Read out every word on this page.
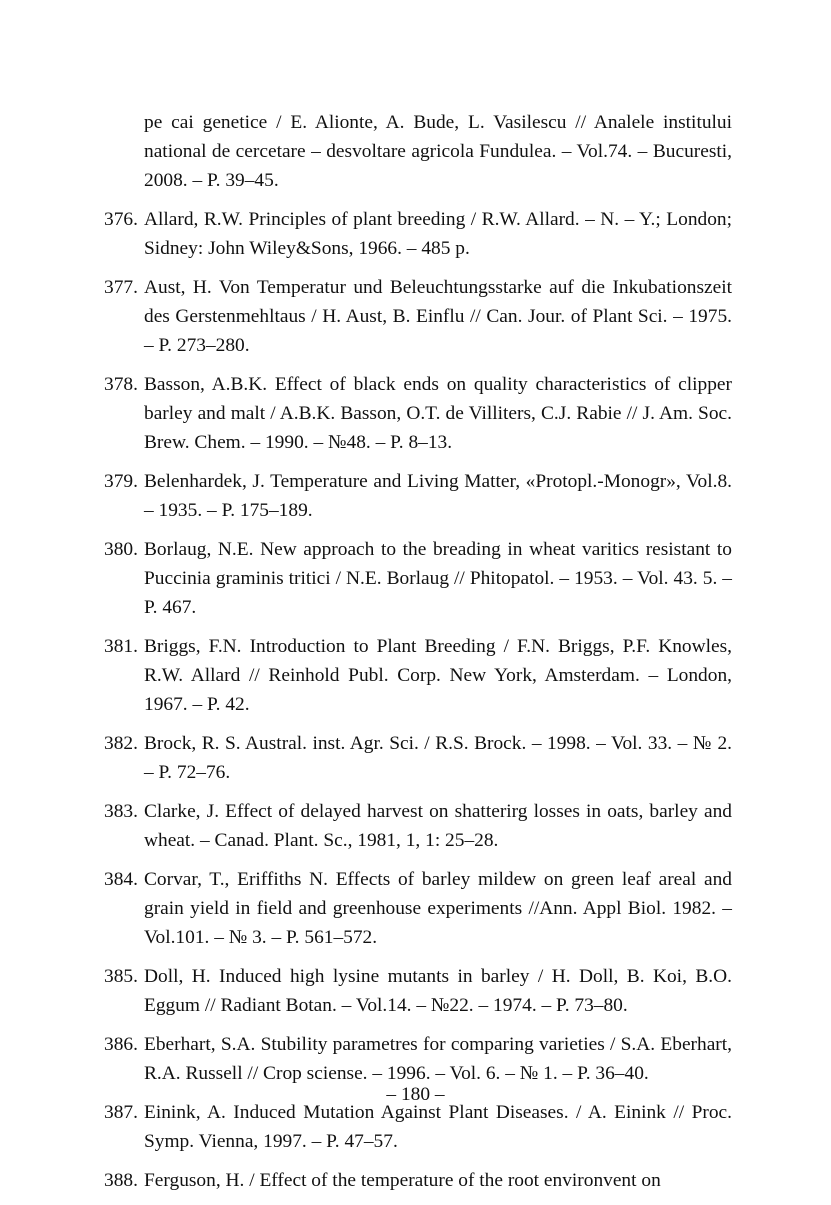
pe cai genetice / E. Alionte, A. Bude, L. Vasilescu // Analele institului national de cercetare – desvoltare agricola Fundulea. – Vol.74. – Bucuresti, 2008. – P. 39–45.

376. Allard, R.W. Principles of plant breeding / R.W. Allard. – N. – Y.; London; Sidney: John Wiley&Sons, 1966. – 485 p.
377. Aust, H. Von Temperatur und Beleuchtungsstarke auf die Inkubationszeit des Gerstenmehltaus / H. Aust, B. Einflu // Can. Jour. of Plant Sci. – 1975. – P. 273–280.
378. Basson, A.B.K. Effect of black ends on quality characteristics of clipper barley and malt / A.B.K. Basson, O.T. de Villiters, C.J. Rabie // J. Am. Soc. Brew. Chem. – 1990. – №48. – P. 8–13.
379. Belenhardek, J. Temperature and Living Matter, «Protopl.-Monogr», Vol.8. – 1935. – P. 175–189.
380. Borlaug, N.E. New approach to the breading in wheat varitics resistant to Puccinia graminis tritici / N.E. Borlaug // Phitopatol. – 1953. – Vol. 43. 5. – P. 467.
381. Briggs, F.N. Introduction to Plant Breeding / F.N. Briggs, P.F. Knowles, R.W. Allard // Reinhold Publ. Corp. New York, Amsterdam. – London, 1967. – P. 42.
382. Brock, R. S. Austral. inst. Agr. Sci. / R.S. Brock. – 1998. – Vol. 33. – № 2. – P. 72–76.
383. Clarke, J. Effect of delayed harvest on shatterirg losses in oats, barley and wheat. – Canad. Plant. Sc., 1981, 1, 1: 25–28.
384. Corvar, T., Eriffiths N. Effects of barley mildew on green leaf areal and grain yield in field and greenhouse experiments //Ann. Appl Biol. 1982. – Vol.101. – № 3. – P. 561–572.
385. Doll, H. Induced high lysine mutants in barley / H. Doll, B. Koi, B.O. Eggum // Radiant Botan. – Vol.14. – №22. – 1974. – P. 73–80.
386. Eberhart, S.A. Stubility parametres for comparing varieties / S.A. Eberhart, R.A. Russell // Crop sciense. – 1996. – Vol. 6. – № 1. – P. 36–40.
387. Einink, A. Induced Mutation Against Plant Diseases. / A. Einink // Proc. Symp. Vienna, 1997. – P. 47–57.
388. Ferguson, H. / Effect of the temperature of the root environvent on
– 180 –
